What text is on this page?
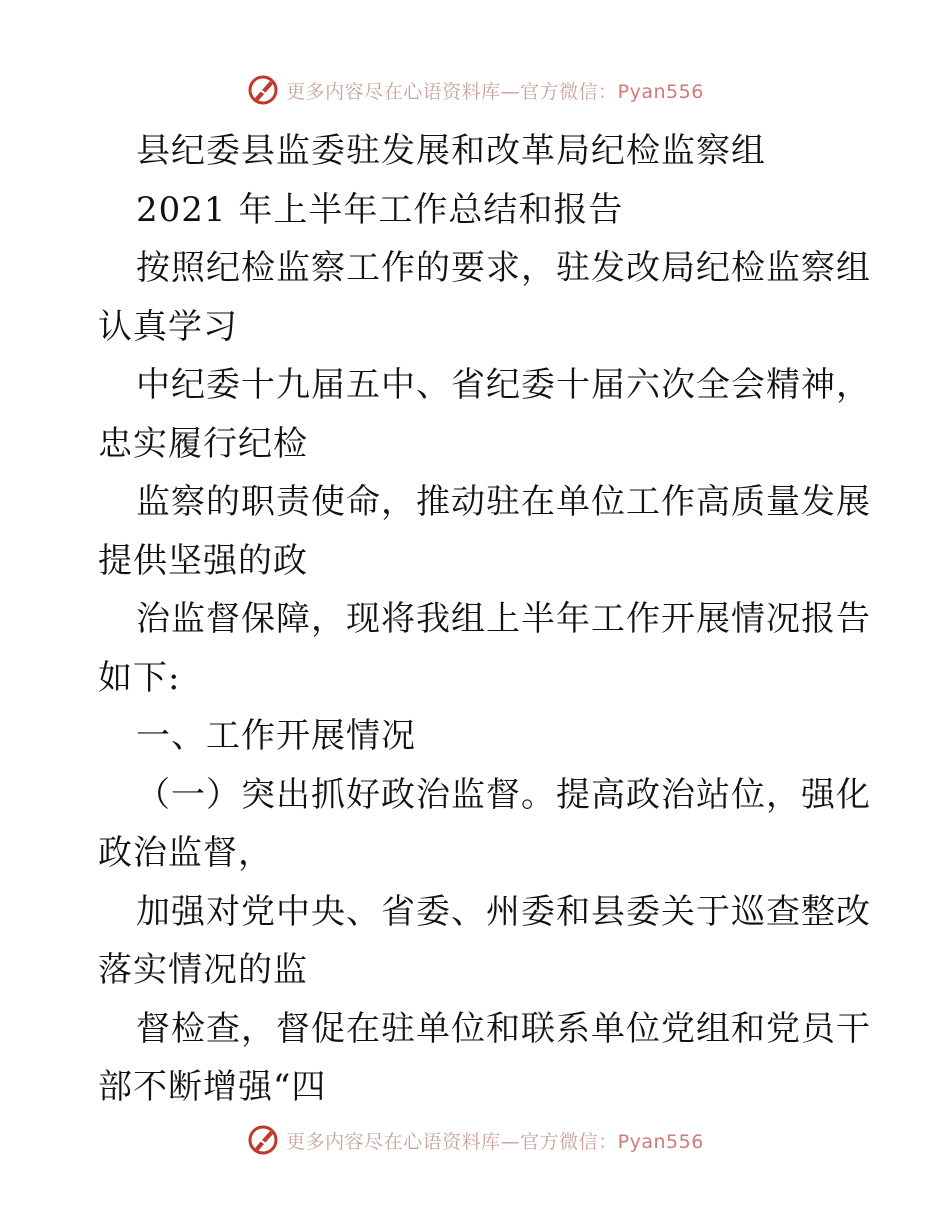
更多内容尽在心语资料库—官方微信：Pyan556
县纪委县监委驻发展和改革局纪检监察组
2021 年上半年工作总结和报告
按照纪检监察工作的要求，驻发改局纪检监察组
认真学习
中纪委十九届五中、省纪委十届六次全会精神，
忠实履行纪检
监察的职责使命，推动驻在单位工作高质量发展
提供坚强的政
治监督保障，现将我组上半年工作开展情况报告
如下:
一、工作开展情况
（一）突出抓好政治监督。提高政治站位，强化
政治监督，
加强对党中央、省委、州委和县委关于巡查整改
落实情况的监
督检查，督促在驻单位和联系单位党组和党员干
部不断增强“四
更多内容尽在心语资料库—官方微信：Pyan556
